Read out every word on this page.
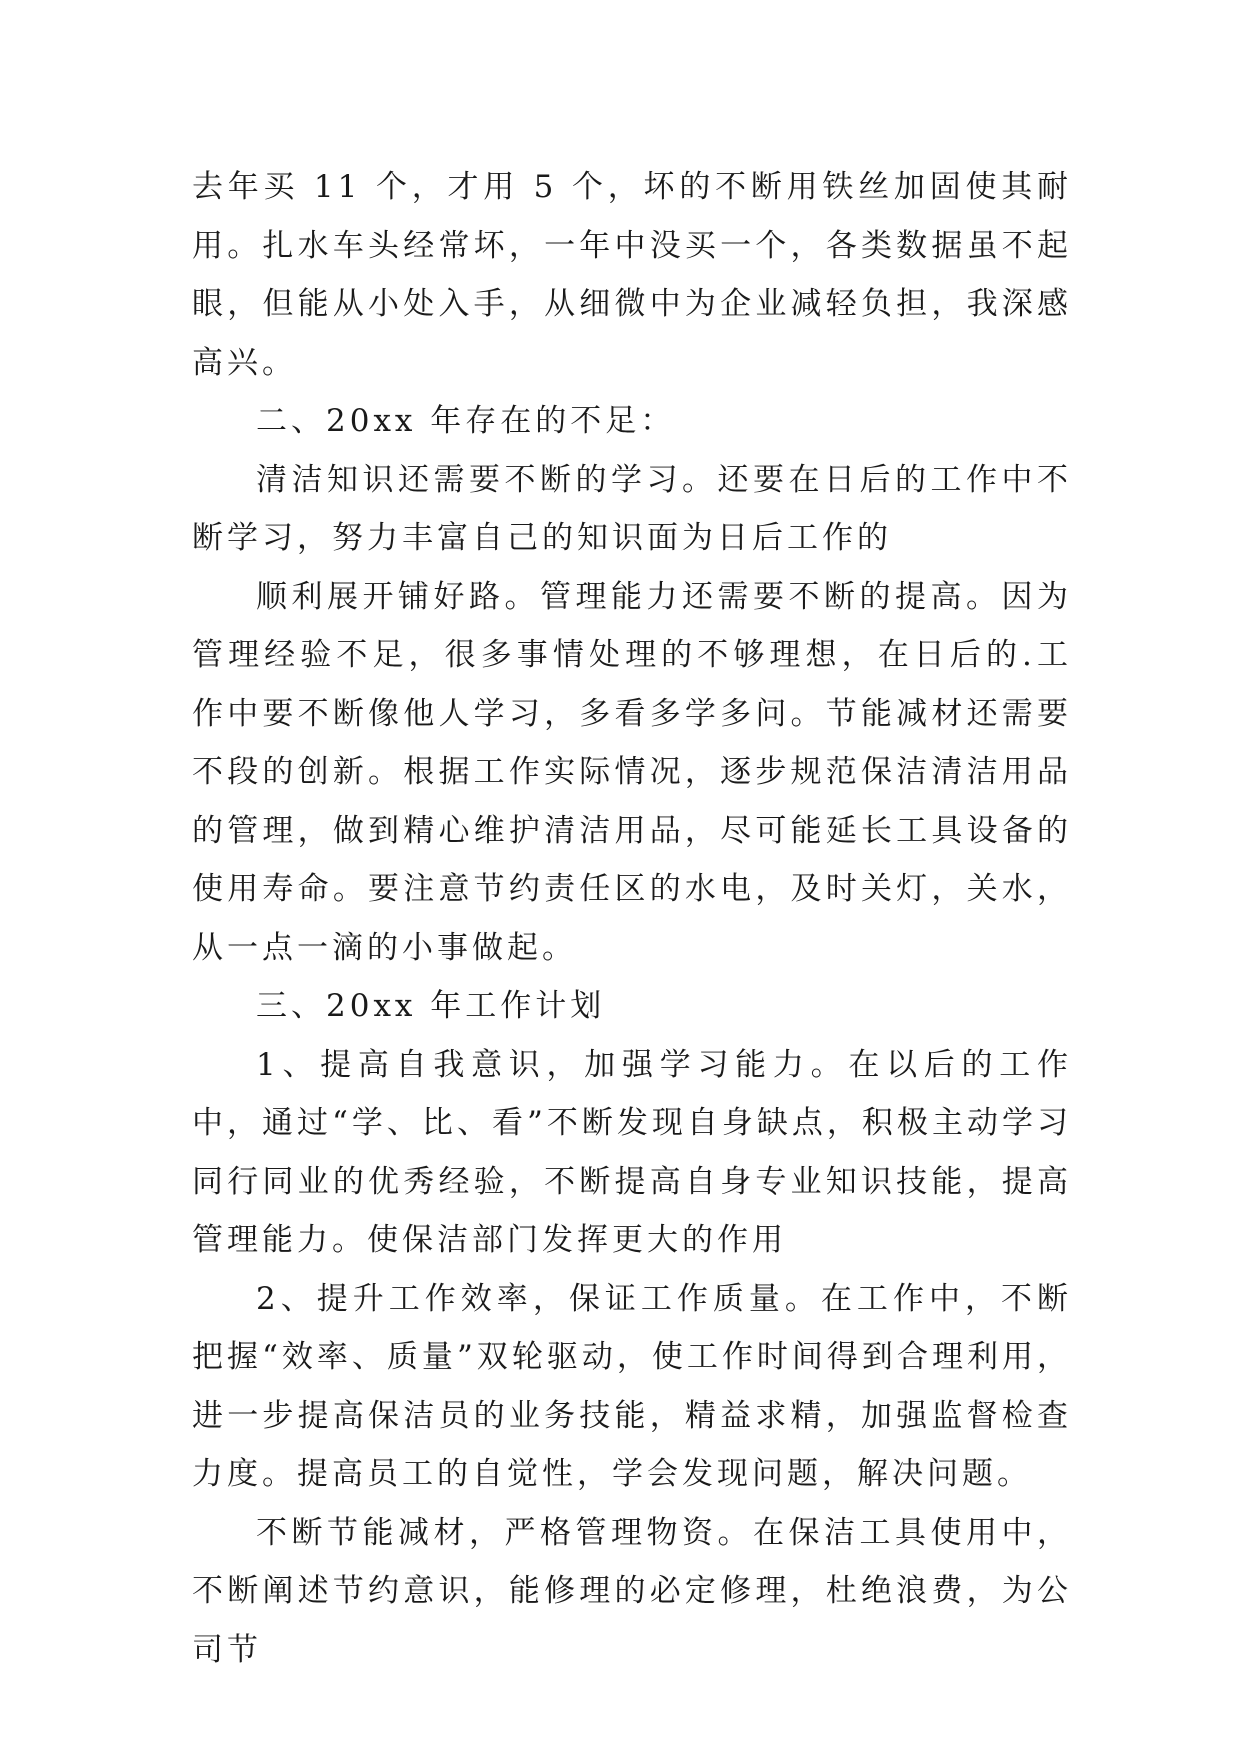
去年买 11 个，才用 5 个，坏的不断用铁丝加固使其耐用。扎水车头经常坏，一年中没买一个，各类数据虽不起眼，但能从小处入手，从细微中为企业减轻负担，我深感高兴。

二、20xx 年存在的不足：

清洁知识还需要不断的学习。还要在日后的工作中不断学习，努力丰富自己的知识面为日后工作的

顺利展开铺好路。管理能力还需要不断的提高。因为管理经验不足，很多事情处理的不够理想，在日后的.工作中要不断像他人学习，多看多学多问。节能减材还需要不段的创新。根据工作实际情况，逐步规范保洁清洁用品的管理，做到精心维护清洁用品，尽可能延长工具设备的使用寿命。要注意节约责任区的水电，及时关灯，关水，从一点一滴的小事做起。

三、20xx 年工作计划

1、提高自我意识，加强学习能力。在以后的工作中，通过“学、比、看”不断发现自身缺点，积极主动学习同行同业的优秀经验，不断提高自身专业知识技能，提高管理能力。使保洁部门发挥更大的作用

2、提升工作效率，保证工作质量。在工作中，不断把握“效率、质量”双轮驱动，使工作时间得到合理利用，进一步提高保洁员的业务技能，精益求精，加强监督检查力度。提高员工的自觉性，学会发现问题，解决问题。

不断节能减材，严格管理物资。在保洁工具使用中，不断阐述节约意识，能修理的必定修理，杜绝浪费，为公司节
